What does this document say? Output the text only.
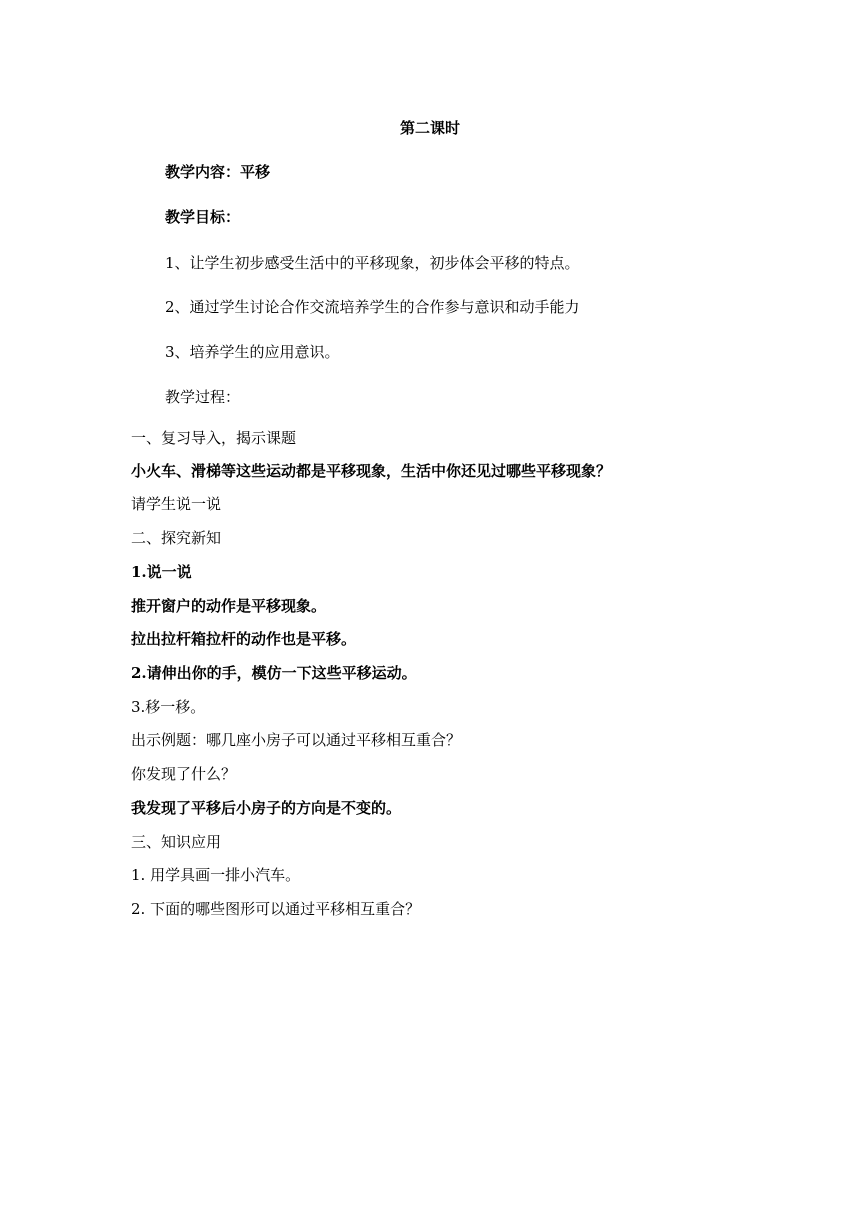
第二课时
教学内容：平移
教学目标：
1、让学生初步感受生活中的平移现象，初步体会平移的特点。
2、通过学生讨论合作交流培养学生的合作参与意识和动手能力
3、培养学生的应用意识。
教学过程：
一、复习导入，揭示课题
小火车、滑梯等这些运动都是平移现象，生活中你还见过哪些平移现象？
请学生说一说
二、探究新知
1.说一说
推开窗户的动作是平移现象。
拉出拉杆箱拉杆的动作也是平移。
2.请伸出你的手，模仿一下这些平移运动。
3.移一移。
出示例题：哪几座小房子可以通过平移相互重合？
你发现了什么？
我发现了平移后小房子的方向是不变的。
三、知识应用
1. 用学具画一排小汽车。
2. 下面的哪些图形可以通过平移相互重合？
